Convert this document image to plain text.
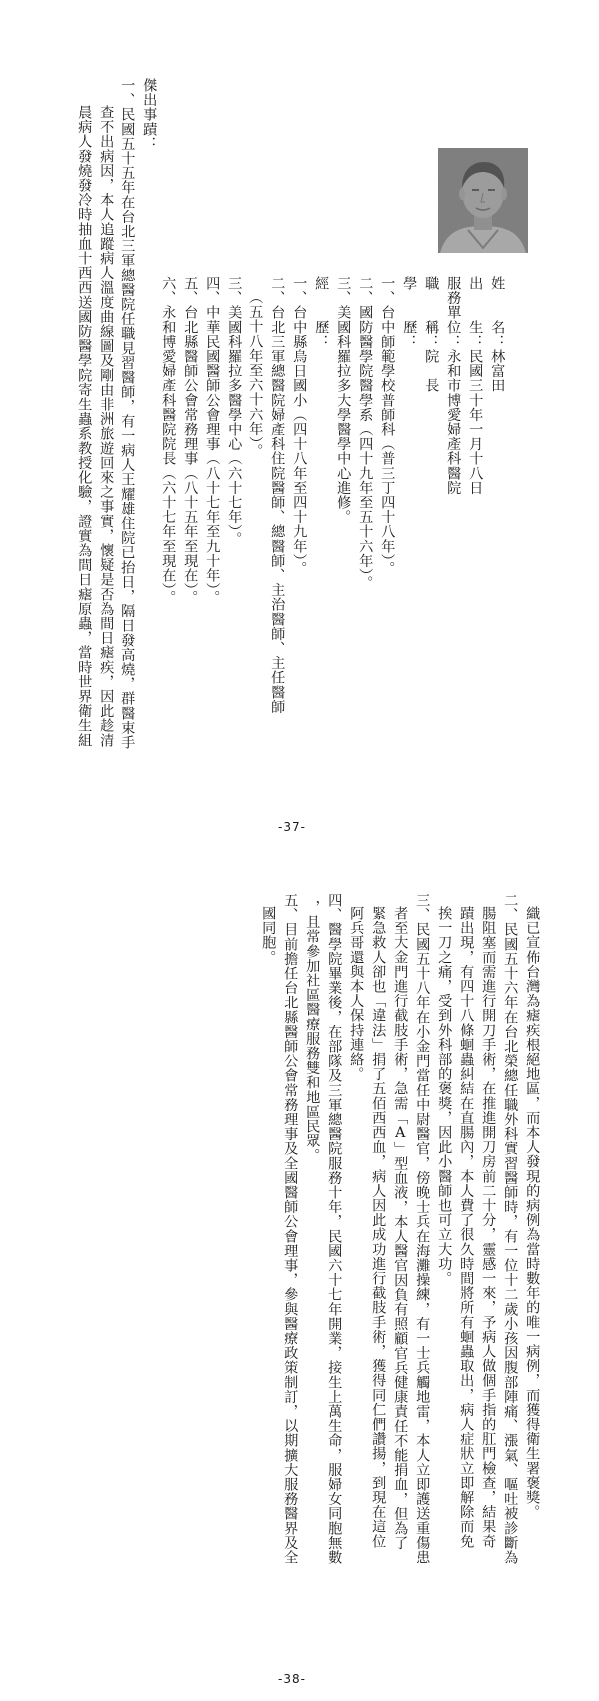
傑出事蹟：
一、民國五十五年在台北三軍總醫院任職見習醫師，有一病人王耀雄住院已抬日，隔日發高燒，群醫束手
查不出病因，本人追蹤病人溫度曲線圖及剛由非洲旅遊回來之事實，懷疑是否為間日瘧疾，因此趁清
晨病人發燒發冷時抽血十西西送國防醫學院寄生蟲系教授化驗，證實為間日瘧原蟲，當時世界衛生組	六、永和博愛婦產科醫院院長（六十七年至現在）。 五、台北縣醫師公會常務理事（八十五年至現在）。 四、中華民國醫師公會理事（八十七年至九十年）。 三、美國科羅拉多醫學中心（六十七年）。 （五十八年至六十六年）。 二、台北三軍總醫院婦產科住院醫師、總醫師、主治醫師、主任醫師 一、台中縣烏日國小（四十八年至四十九年）。 經　　歷： 三、美國科羅拉多大學醫學中心進修。 二、國防醫學院醫學系（四十九年至五十六年）。 一、台中師範學校普師科（普三丁四十八年）。 學　　歷： 職　　稱：院　長 服務單位：永和市博愛婦產科醫院 出　　生：民國三十年一月十八日 姓　　名：林富田
-37-
織已宣佈台灣為瘧疾根絕地區，而本人發現的病例為當時數年的唯一病例，而獲得衛生署褒獎。
二、民國五十六年在台北榮總任職外科實習醫師時，有一位十二歲小孩因腹部陣痛、漲氣、嘔吐被診斷為
腸阻塞而需進行開刀手術，在推進開刀房前二十分，靈感一來，予病人做個手指的肛門檢查，結果奇
蹟出現，有四十八條蛔蟲糾結在直腸內，本人費了很久時間將所有蛔蟲取出，病人症狀立即解除而免
挨一刀之痛，受到外科部的褒獎，因此小醫師也可立大功。
三、民國五十八年在小金門當任中尉醫官，傍晚士兵在海灘操練，有一士兵觸地雷，本人立即護送重傷患
者至大金門進行截肢手術，急需「A」型血液，本人醫官因負有照顧官兵健康責任不能捐血，但為了
緊急救人卻也「違法」捐了五佰西西血，病人因此成功進行截肢手術，獲得同仁們讚揚，到現在這位
阿兵哥還與本人保持連絡。
四、醫學院畢業後，在部隊及三軍總醫院服務十年，民國六十七年開業，接生上萬生命，服婦女同胞無數
，且常參加社區醫療服務雙和地區民眾。
五、目前擔任台北縣醫師公會常務理事及全國醫師公會理事，參與醫療政策制訂，以期擴大服務醫界及全
國同胞。
-38-
